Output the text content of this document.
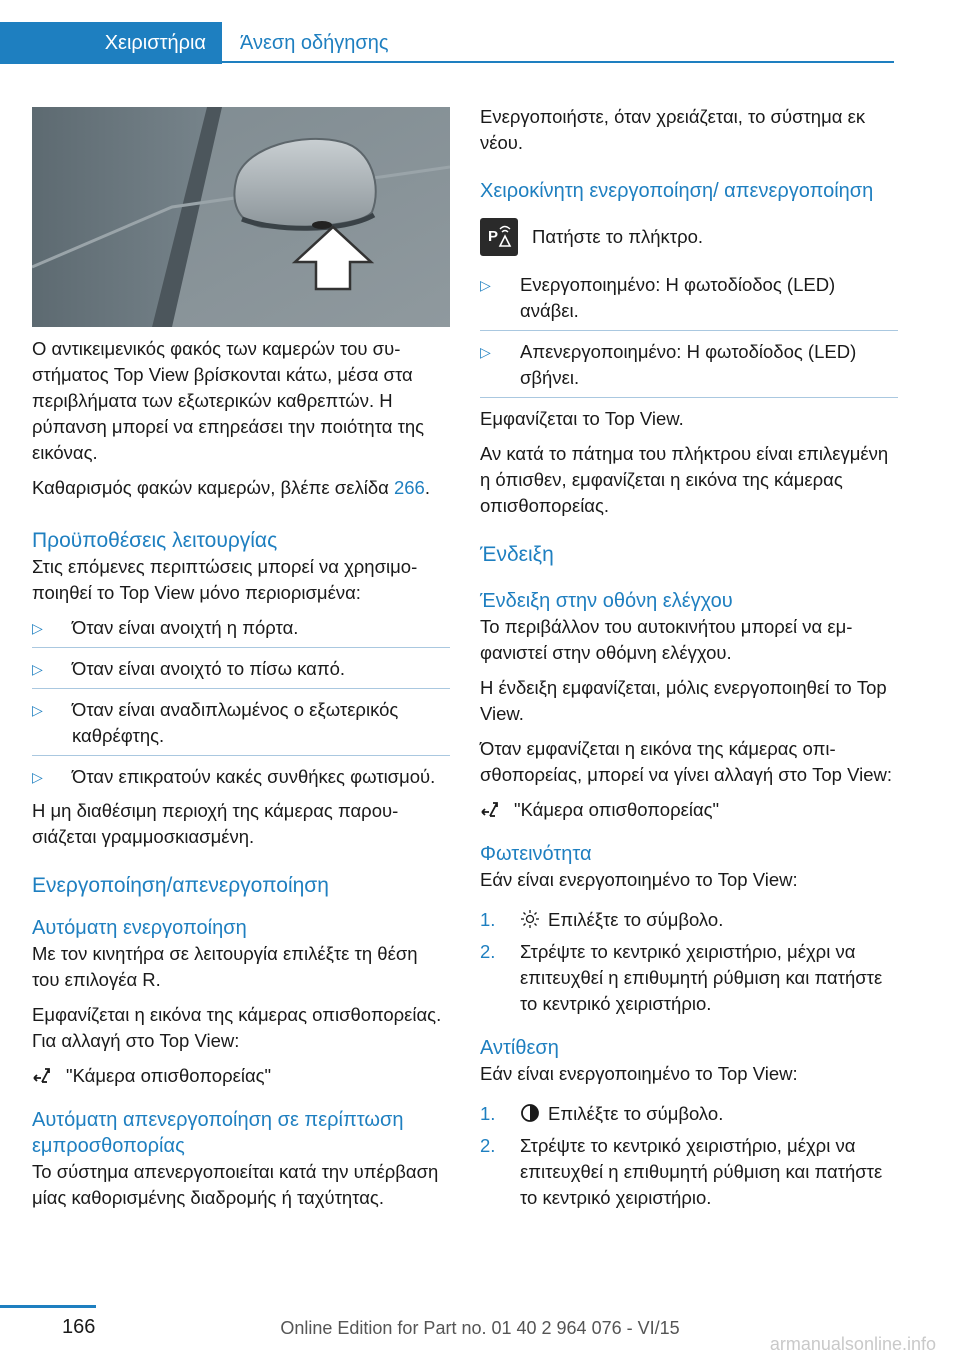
Χειριστήρια	Άνεση οδήγησης

Ο αντικειμενικός φακός των καμερών του συστήματος Top View βρίσκονται κάτω, μέσα στα περιβλήματα των εξωτερικών καθρεπτών. Η ρύπανση μπορεί να επηρεάσει την ποιότητα της εικόνας.

Καθαρισμός φακών καμερών, βλέπε σελίδα 266.

Προϋποθέσεις λειτουργίας

Στις επόμενες περιπτώσεις μπορεί να χρησιμοποιηθεί το Top View μόνο περιορισμένα:

▷ Όταν είναι ανοιχτή η πόρτα.
▷ Όταν είναι ανοιχτό το πίσω καπό.
▷ Όταν είναι αναδιπλωμένος ο εξωτερικός καθρέφτης.
▷ Όταν επικρατούν κακές συνθήκες φωτισμού.

Η μη διαθέσιμη περιοχή της κάμερας παρουσιάζεται γραμμοσκιασμένη.

Ενεργοποίηση/απενεργοποίηση
Αυτόματη ενεργοποίηση

Με τον κινητήρα σε λειτουργία επιλέξτε τη θέση του επιλογέα R.

Εμφανίζεται η εικόνα της κάμερας οπισθοπορείας. Για αλλαγή στο Top View:

"Κάμερα οπισθοπορείας"
Αυτόματη απενεργοποίηση σε περίπτωση εμπροσθοπορίας

Το σύστημα απενεργοποιείται κατά την υπέρβαση μίας καθορισμένης διαδρομής ή ταχύτητας.

Ενεργοποιήστε, όταν χρειάζεται, το σύστημα εκ νέου.

Χειροκίνητη ενεργοποίηση/ απενεργοποίηση
P Πατήστε το πλήκτρο.
▷ Ενεργοποιημένο: Η φωτοδίοδος (LED) ανάβει.
▷ Απενεργοποιημένο: Η φωτοδίοδος (LED) σβήνει.

Εμφανίζεται το Top View.

Αν κατά το πάτημα του πλήκτρου είναι επιλεγμένη η όπισθεν, εμφανίζεται η εικόνα της κάμερας οπισθοπορείας.

Ένδειξη
Ένδειξη στην οθόνη ελέγχου

Το περιβάλλον του αυτοκινήτου μπορεί να εμφανιστεί στην οθόμνη ελέγχου.

Η ένδειξη εμφανίζεται, μόλις ενεργοποιηθεί το Top View.

Όταν εμφανίζεται η εικόνα της κάμερας οπισθοπορείας, μπορεί να γίνει αλλαγή στο Top View:

"Κάμερα οπισθοπορείας"
Φωτεινότητα

Εάν είναι ενεργοποιημένο το Top View:

1.	Επιλέξτε το σύμβολο.
2. Στρέψτε το κεντρικό χειριστήριο, μέχρι να επιτευχθεί η επιθυμητή ρύθμιση και πατήστε το κεντρικό χειριστήριο.
Αντίθεση

Εάν είναι ενεργοποιημένο το Top View:

1.	Επιλέξτε το σύμβολο.
2. Στρέψτε το κεντρικό χειριστήριο, μέχρι να επιτευχθεί η επιθυμητή ρύθμιση και πατήστε το κεντρικό χειριστήριο.
166	Online Edition for Part no. 01 40 2 964 076 - VI/15
armanualsonline.info
